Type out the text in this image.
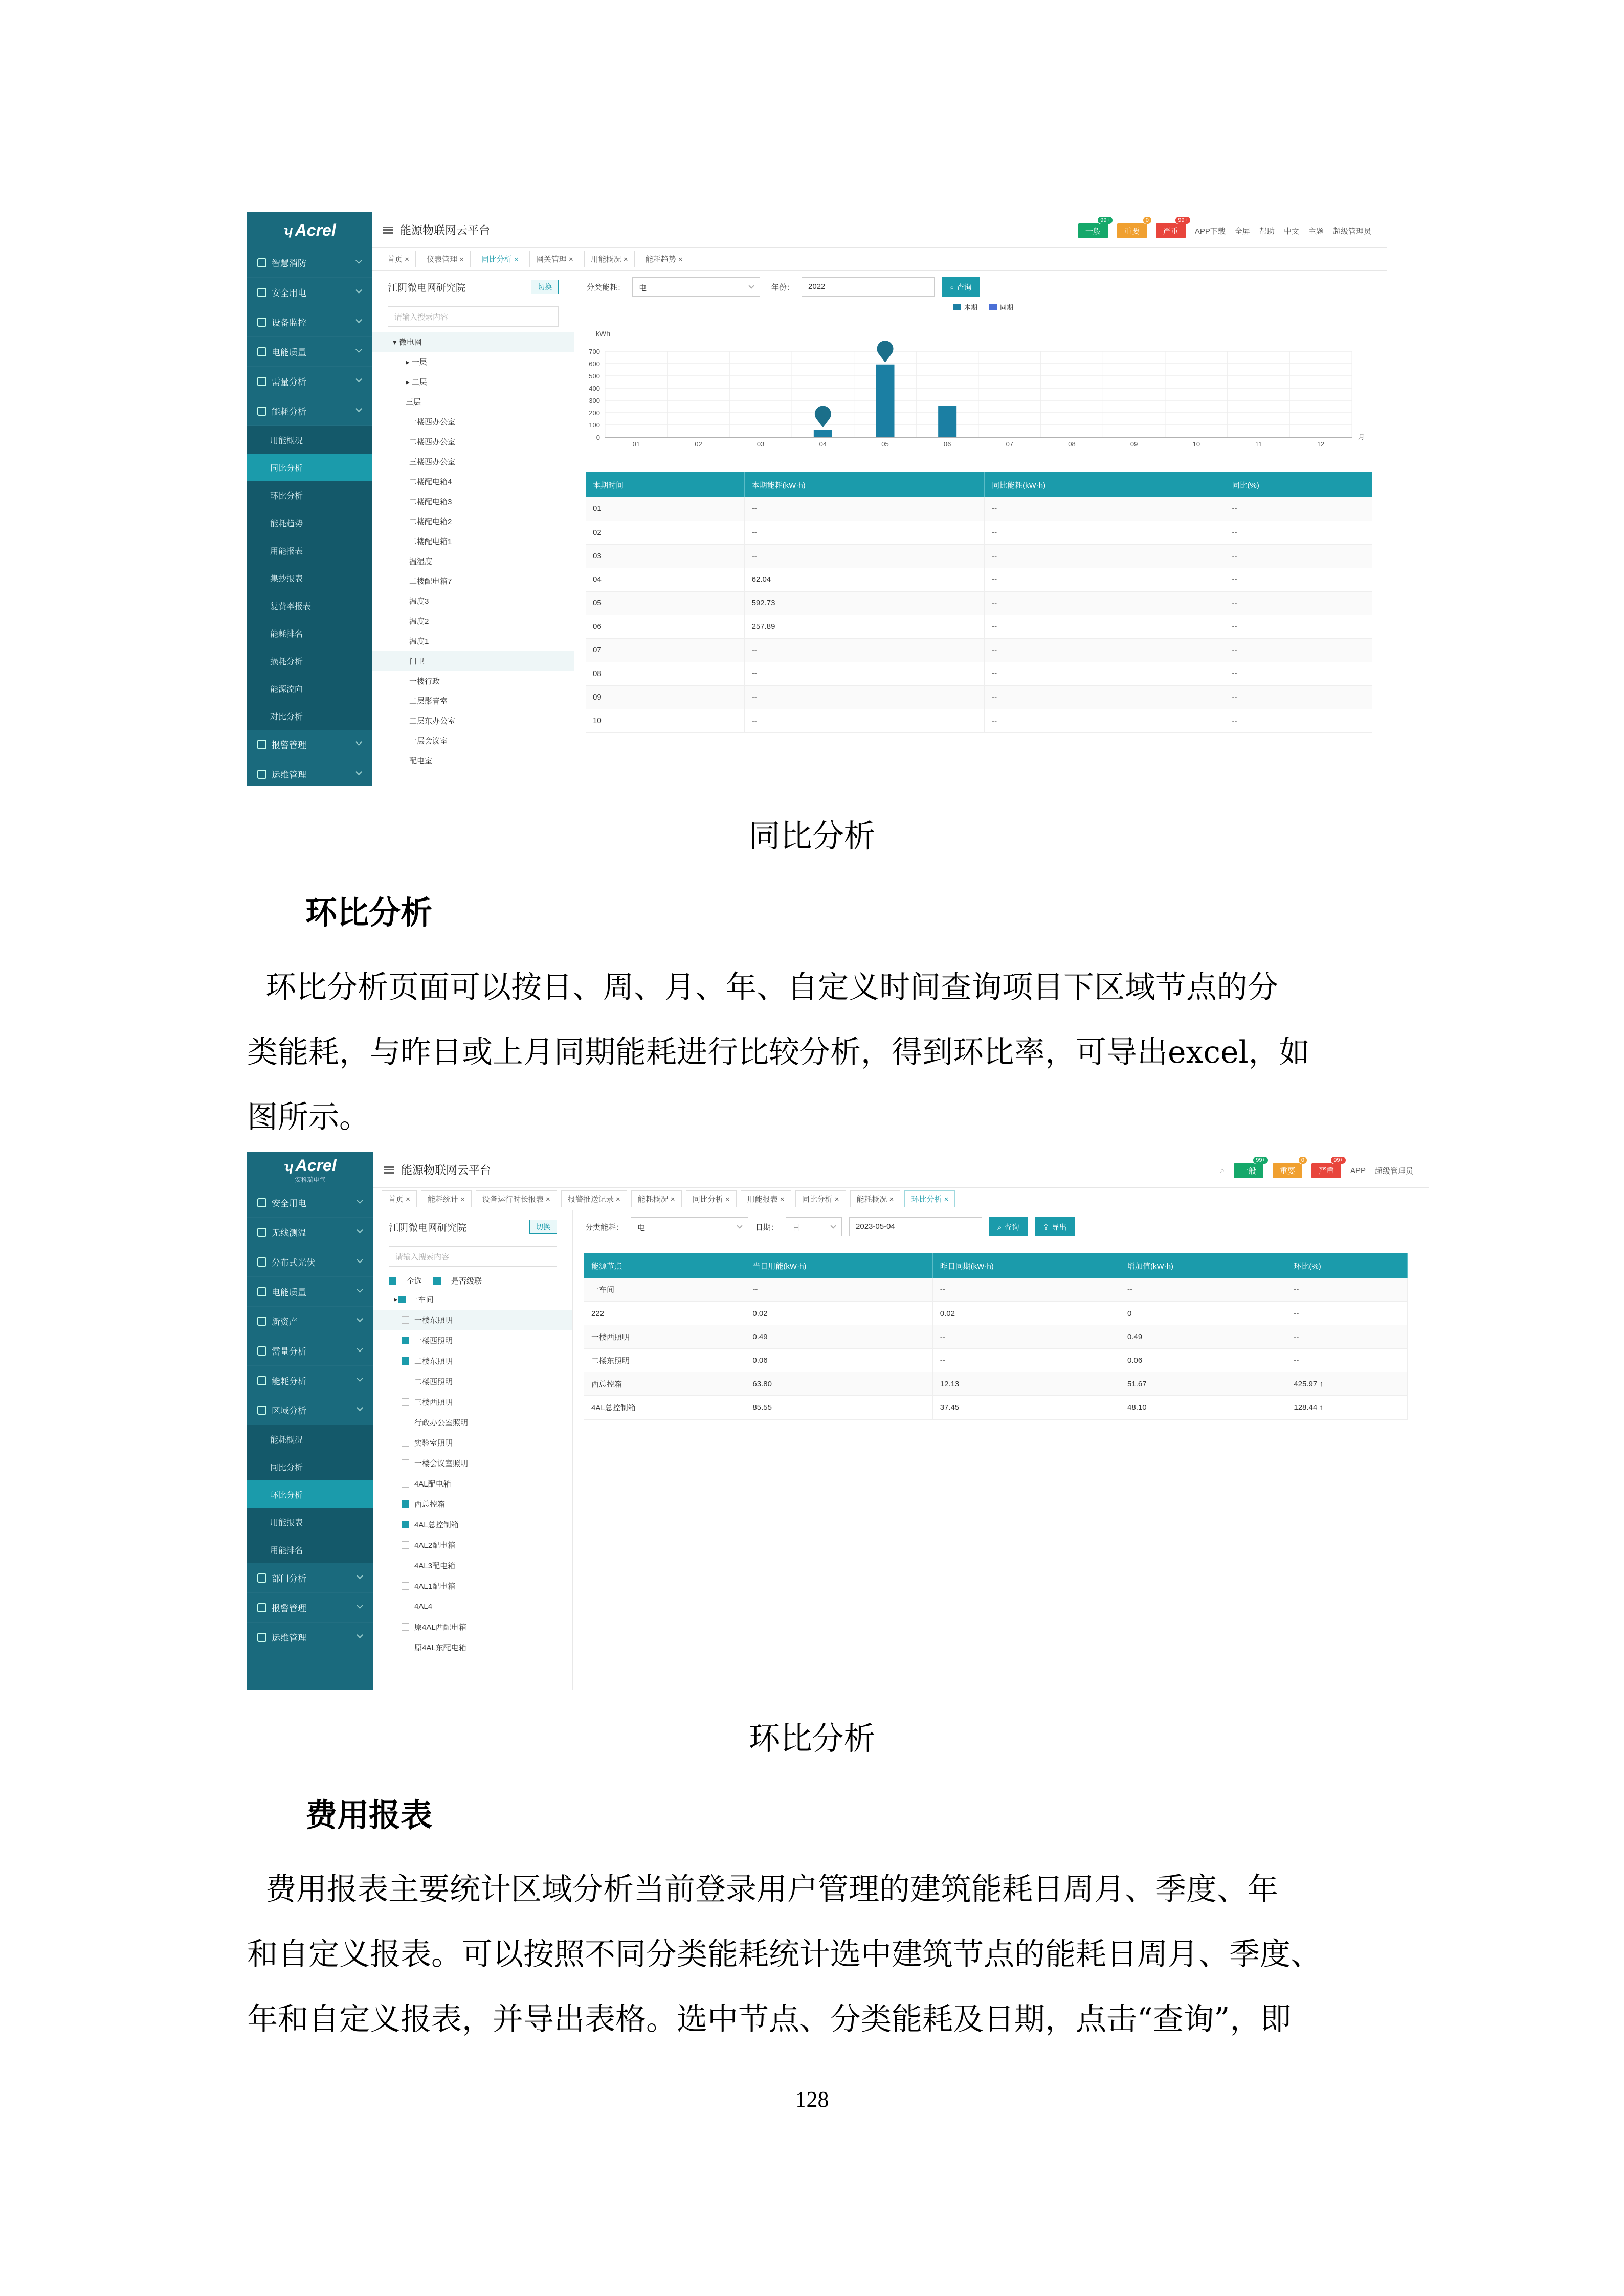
ʮ Acrel
智慧消防
安全用电
设备监控
电能质量
需量分析
能耗分析
用能概况
同比分析
环比分析
能耗趋势
用能报表
集抄报表
复费率报表
能耗排名
损耗分析
能源流向
对比分析
报警管理
运维管理
能源物联网云平台	一般
99+
重要
0
严重
99+
APP下载 全屏 帮助 中文 主题 超级管理员
首页 ×	仪表管理 ×	同比分析 ×	网关管理 ×	用能概况 ×	能耗趋势 ×
江阴微电网研究院	切换
请输入搜索内容
▾ 微电网
▸ 一层
▸ 二层
三层
一楼西办公室
二楼西办公室
三楼西办公室
二楼配电箱4
二楼配电箱3
二楼配电箱2
二楼配电箱1
温湿度
二楼配电箱7
温度3
温度2
温度1
门卫
一楼行政
二层影音室
二层东办公室
一层会议室
配电室
分类能耗：	电	年份：	2022	⌕ 查询
本期	同期
kWh
0
100
200
300
400
500
600
700
01	02	03	04	05	06	07	08	09	10	11	12
月
本期时间	本期能耗(kW·h)	同比能耗(kW·h)	同比(%)
01	--	--	--
02	--	--	--
03	--	--	--
04	62.04	--	--
05	592.73	--	--
06	257.89	--	--
07	--	--	--
08	--	--	--
09	--	--	--
10	--	--	--
同比分析
环比分析
环比分析页面可以按日、周、月、年、自定义时间查询项目下区域节点的分
类能耗，与昨日或上月同期能耗进行比较分析，得到环比率，可导出excel，如
图所示。
ʮ Acrel
安科瑞电气
安全用电
无线测温
分布式光伏
电能质量
新资产
需量分析
能耗分析
区域分析
能耗概况
同比分析
环比分析
用能报表
用能排名
部门分析
报警管理
运维管理
能源物联网云平台	⌕	一般
99+
重要
0
严重
99+
APP 超级管理员
首页 ×	能耗统计 ×	设备运行时长报表 ×	报警推送记录 ×	能耗概况 ×	同比分析 ×	用能报表 ×	同比分析 ×	能耗概况 ×	环比分析 ×
江阴微电网研究院	切换
请输入搜索内容
全选	是否级联
▸ 一车间
一楼东照明
一楼西照明
二楼东照明
二楼西照明
三楼西照明
行政办公室照明
实验室照明
一楼会议室照明
4AL配电箱
西总控箱
4AL总控制箱
4AL2配电箱
4AL3配电箱
4AL1配电箱
4AL4
原4AL西配电箱
原4AL东配电箱
分类能耗：	电	日期：	日	2023-05-04	⌕ 查询	⇪ 导出
能源节点	当日用能(kW·h)	昨日同期(kW·h)	增加值(kW·h)	环比(%)
一车间	--	--	--	--
222	0.02	0.02	0	--
一楼西照明	0.49	--	0.49	--
二楼东照明	0.06	--	0.06	--
西总控箱	63.80	12.13	51.67	425.97 ↑
4AL总控制箱	85.55	37.45	48.10	128.44 ↑
环比分析
费用报表
费用报表主要统计区域分析当前登录用户管理的建筑能耗日周月、季度、年
和自定义报表。可以按照不同分类能耗统计选中建筑节点的能耗日周月、季度、
年和自定义报表，并导出表格。选中节点、分类能耗及日期，点击“查询”，即
128
